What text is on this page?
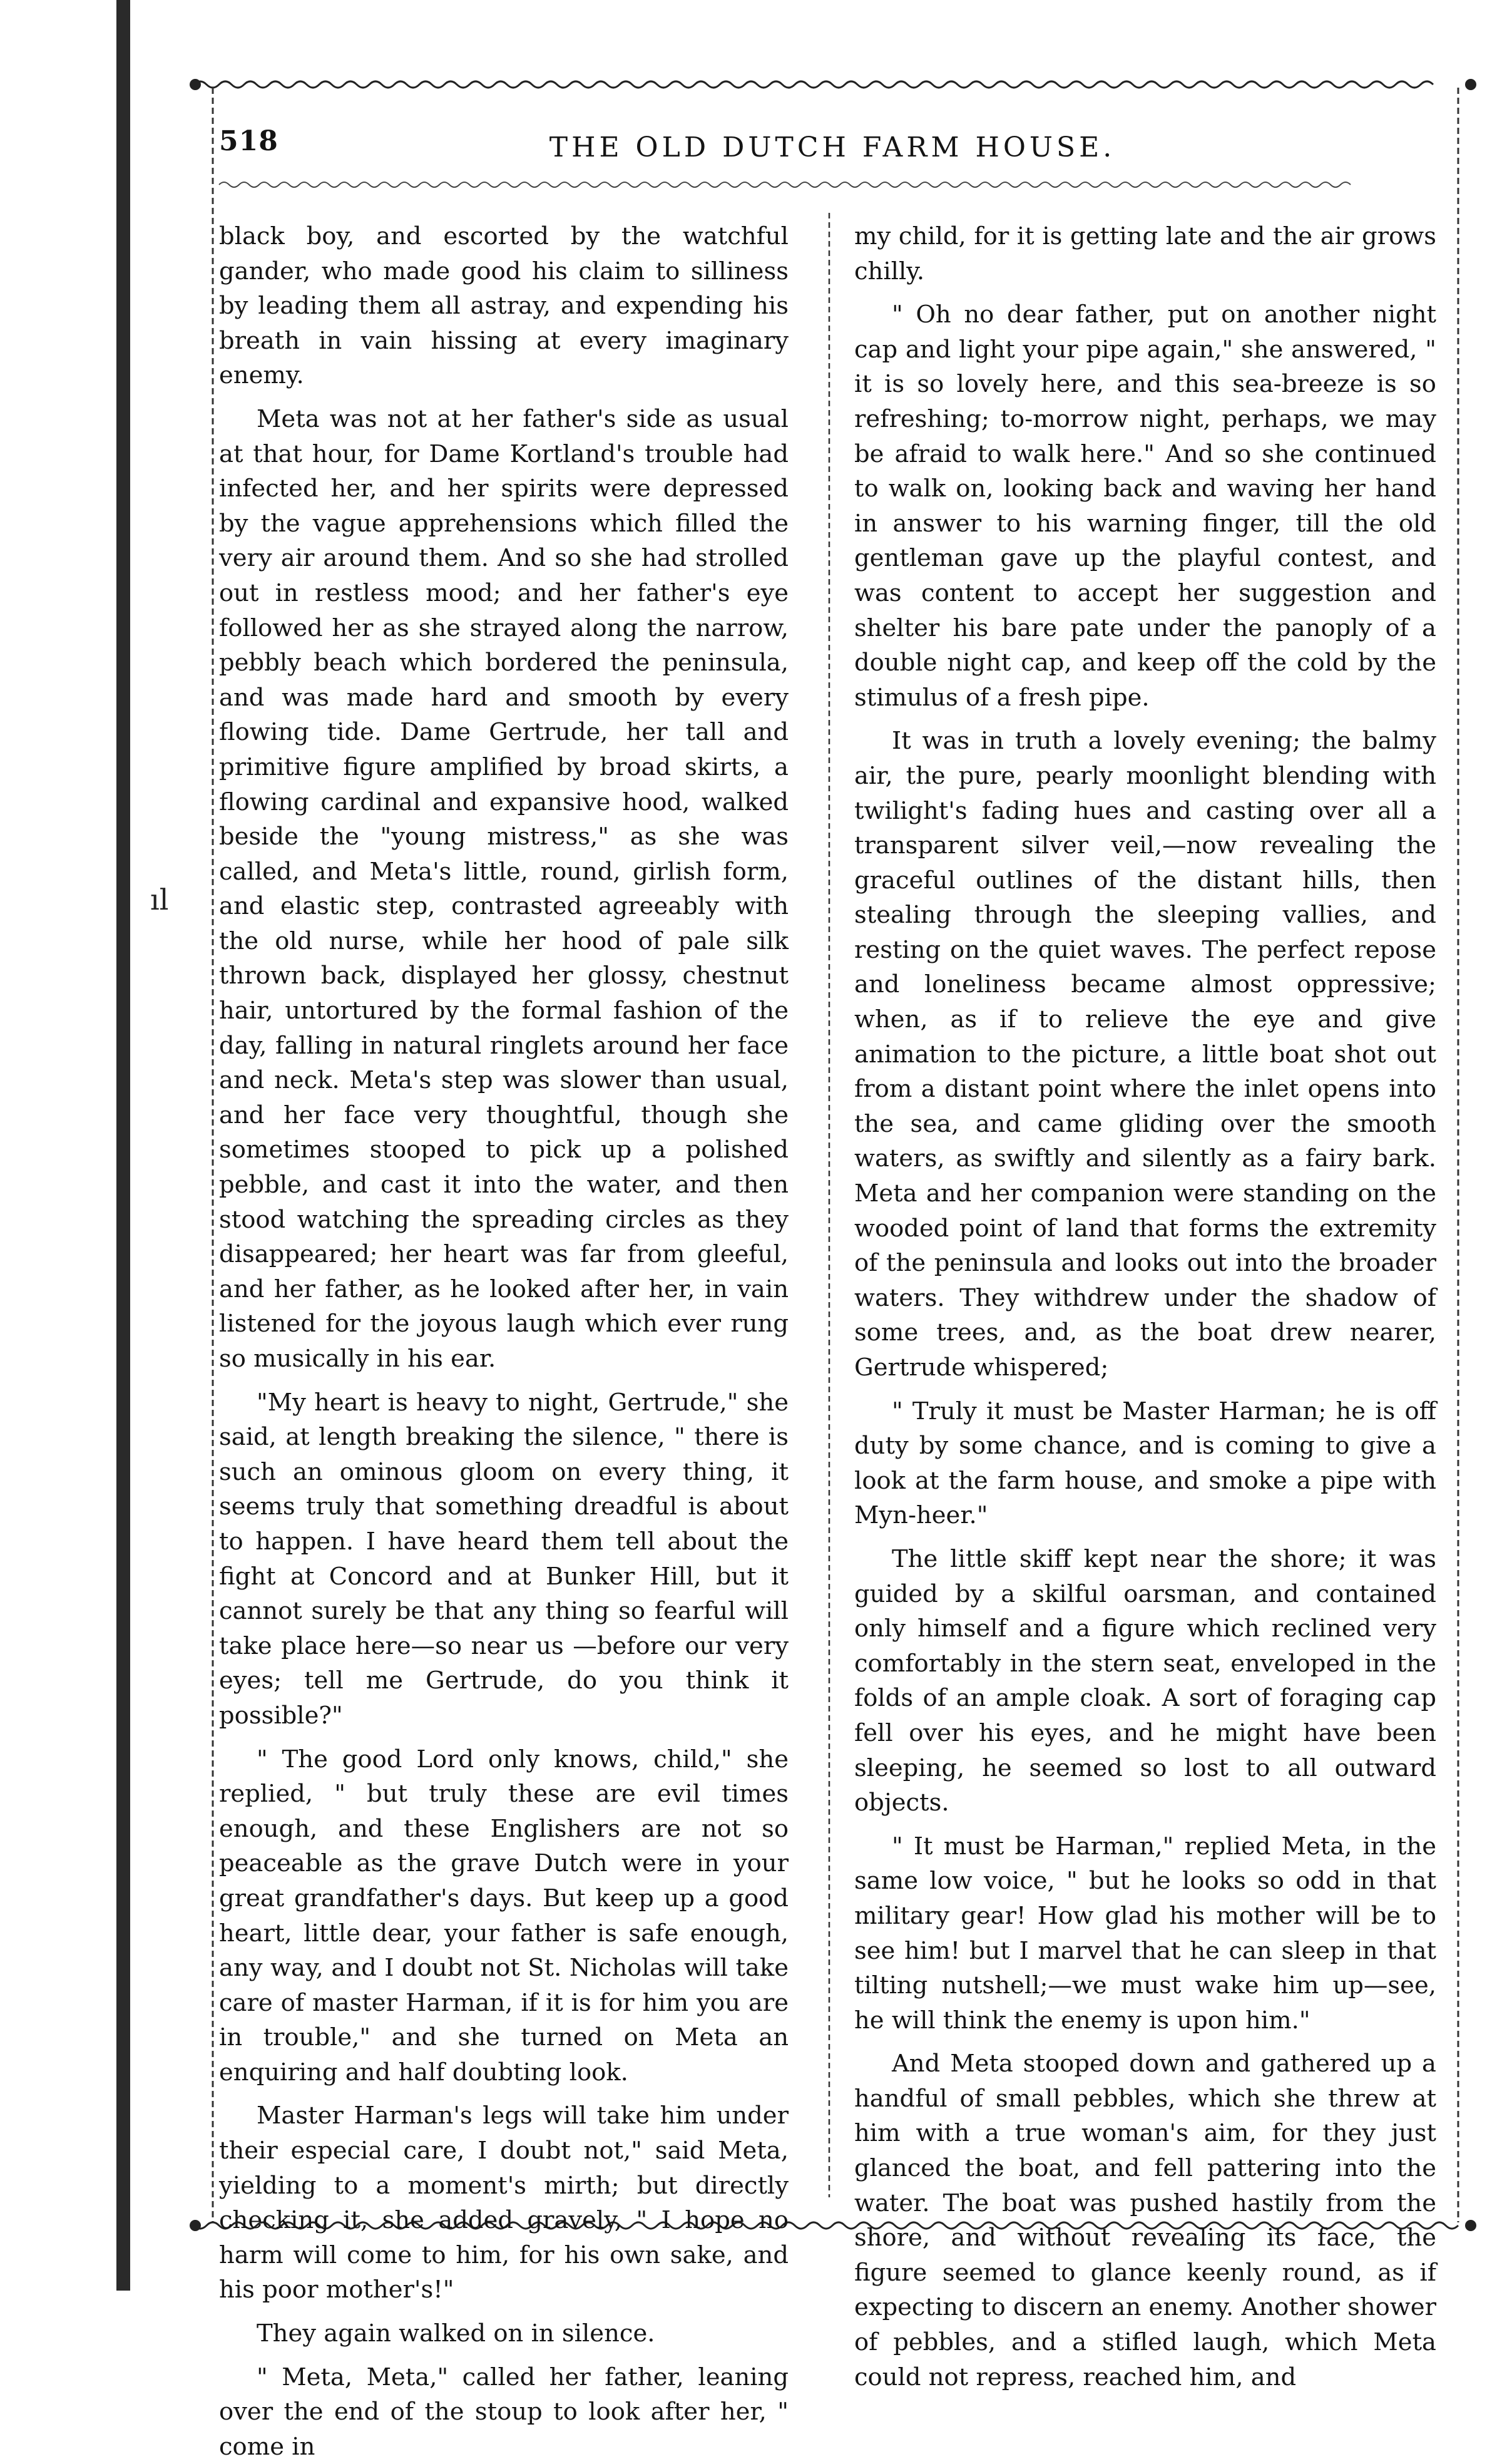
ıl
518	THE OLD DUTCH FARM HOUSE.

black boy, and escorted by the watchful gander, who made good his claim to silliness by leading them all astray, and expending his breath in vain hissing at every imaginary enemy.

Meta was not at her father's side as usual at that hour, for Dame Kortland's trouble had infected her, and her spirits were depressed by the vague apprehensions which filled the very air around them. And so she had strolled out in restless mood; and her father's eye followed her as she strayed along the narrow, pebbly beach which bordered the peninsula, and was made hard and smooth by every flowing tide. Dame Gertrude, her tall and primitive figure amplified by broad skirts, a flowing cardinal and expansive hood, walked beside the "young mistress," as she was called, and Meta's little, round, girlish form, and elastic step, contrasted agreeably with the old nurse, while her hood of pale silk thrown back, displayed her glossy, chestnut hair, untortured by the formal fashion of the day, falling in natural ringlets around her face and neck. Meta's step was slower than usual, and her face very thoughtful, though she sometimes stooped to pick up a polished pebble, and cast it into the water, and then stood watching the spreading circles as they disappeared; her heart was far from gleeful, and her father, as he looked after her, in vain listened for the joyous laugh which ever rung so musically in his ear.

"My heart is heavy to night, Gertrude," she said, at length breaking the silence, " there is such an ominous gloom on every thing, it seems truly that something dreadful is about to happen. I have heard them tell about the fight at Concord and at Bunker Hill, but it cannot surely be that any thing so fearful will take place here—so near us —before our very eyes; tell me Gertrude, do you think it possible?"

" The good Lord only knows, child," she replied, " but truly these are evil times enough, and these Englishers are not so peaceable as the grave Dutch were in your great grandfather's days. But keep up a good heart, little dear, your father is safe enough, any way, and I doubt not St. Nicholas will take care of master Harman, if it is for him you are in trouble," and she turned on Meta an enquiring and half doubting look.

Master Harman's legs will take him under their especial care, I doubt not," said Meta, yielding to a moment's mirth; but directly checking it, she added gravely, " I hope no harm will come to him, for his own sake, and his poor mother's!"

They again walked on in silence.

" Meta, Meta," called her father, leaning over the end of the stoup to look after her, " come in

my child, for it is getting late and the air grows chilly.

" Oh no dear father, put on another night cap and light your pipe again," she answered, " it is so lovely here, and this sea-breeze is so refreshing; to-morrow night, perhaps, we may be afraid to walk here." And so she continued to walk on, looking back and waving her hand in answer to his warning finger, till the old gentleman gave up the playful contest, and was content to accept her suggestion and shelter his bare pate under the panoply of a double night cap, and keep off the cold by the stimulus of a fresh pipe.

It was in truth a lovely evening; the balmy air, the pure, pearly moonlight blending with twilight's fading hues and casting over all a transparent silver veil,—now revealing the graceful outlines of the distant hills, then stealing through the sleeping vallies, and resting on the quiet waves. The perfect repose and loneliness became almost oppressive; when, as if to relieve the eye and give animation to the picture, a little boat shot out from a distant point where the inlet opens into the sea, and came gliding over the smooth waters, as swiftly and silently as a fairy bark. Meta and her companion were standing on the wooded point of land that forms the extremity of the peninsula and looks out into the broader waters. They withdrew under the shadow of some trees, and, as the boat drew nearer, Gertrude whispered;

" Truly it must be Master Harman; he is off duty by some chance, and is coming to give a look at the farm house, and smoke a pipe with Myn-heer."

The little skiff kept near the shore; it was guided by a skilful oarsman, and contained only himself and a figure which reclined very comfortably in the stern seat, enveloped in the folds of an ample cloak. A sort of foraging cap fell over his eyes, and he might have been sleeping, he seemed so lost to all outward objects.

" It must be Harman," replied Meta, in the same low voice, " but he looks so odd in that military gear! How glad his mother will be to see him! but I marvel that he can sleep in that tilting nutshell;—we must wake him up—see, he will think the enemy is upon him."

And Meta stooped down and gathered up a handful of small pebbles, which she threw at him with a true woman's aim, for they just glanced the boat, and fell pattering into the water. The boat was pushed hastily from the shore, and without revealing its face, the figure seemed to glance keenly round, as if expecting to discern an enemy. Another shower of pebbles, and a stifled laugh, which Meta could not repress, reached him, and
